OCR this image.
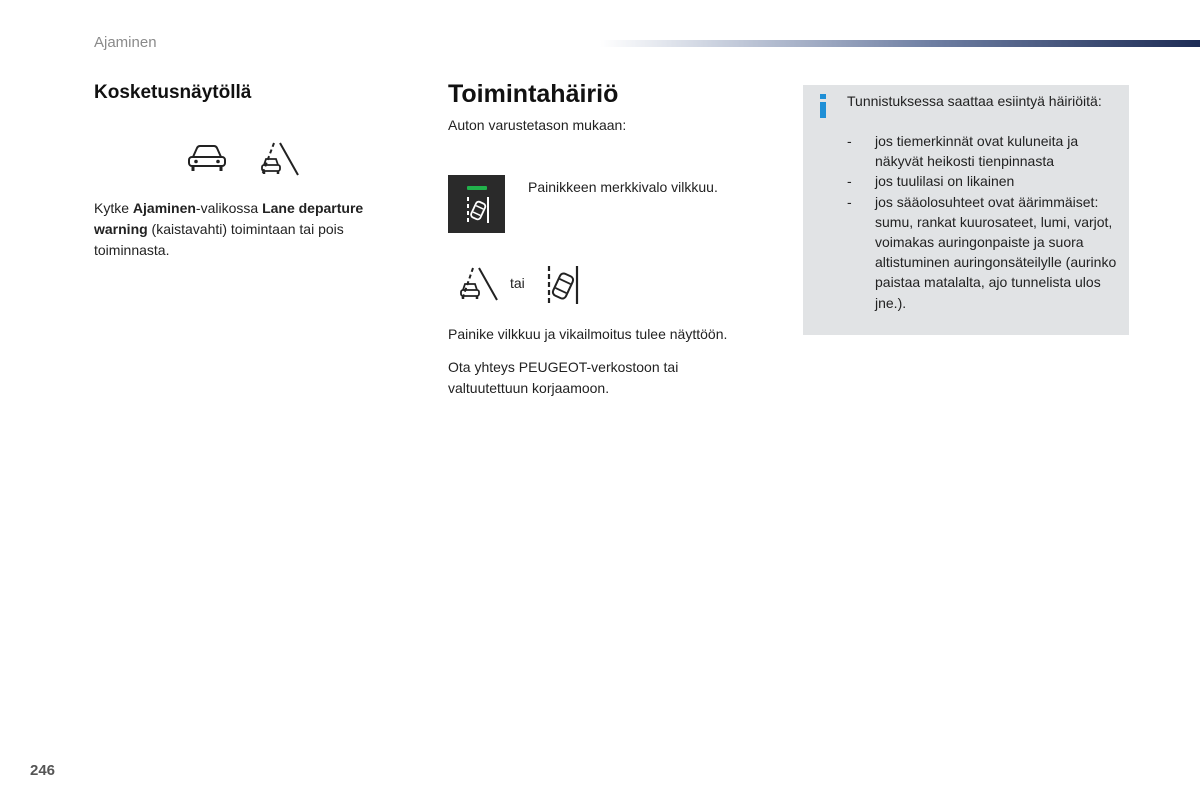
Ajaminen
Kosketusnäytöllä

Kytke Ajaminen-valikossa Lane departure warning (kaistavahti) toimintaan tai pois toiminnasta.

Toimintahäiriö
Auton varustetason mukaan:
Painikkeen merkkivalo vilkkuu.
tai
Painike vilkkuu ja vikailmoitus tulee näyttöön.
Ota yhteys PEUGEOT-verkostoon tai valtuutettuun korjaamoon.
Tunnistuksessa saattaa esiintyä häiriöitä:
- jos tiemerkinnät ovat kuluneita ja näkyvät heikosti tienpinnasta
- jos tuulilasi on likainen
- jos sääolosuhteet ovat äärimmäiset: sumu, rankat kuurosateet, lumi, varjot, voimakas auringonpaiste ja suora altistuminen auringonsäteilylle (aurinko paistaa matalalta, ajo tunnelista ulos jne.).
246
